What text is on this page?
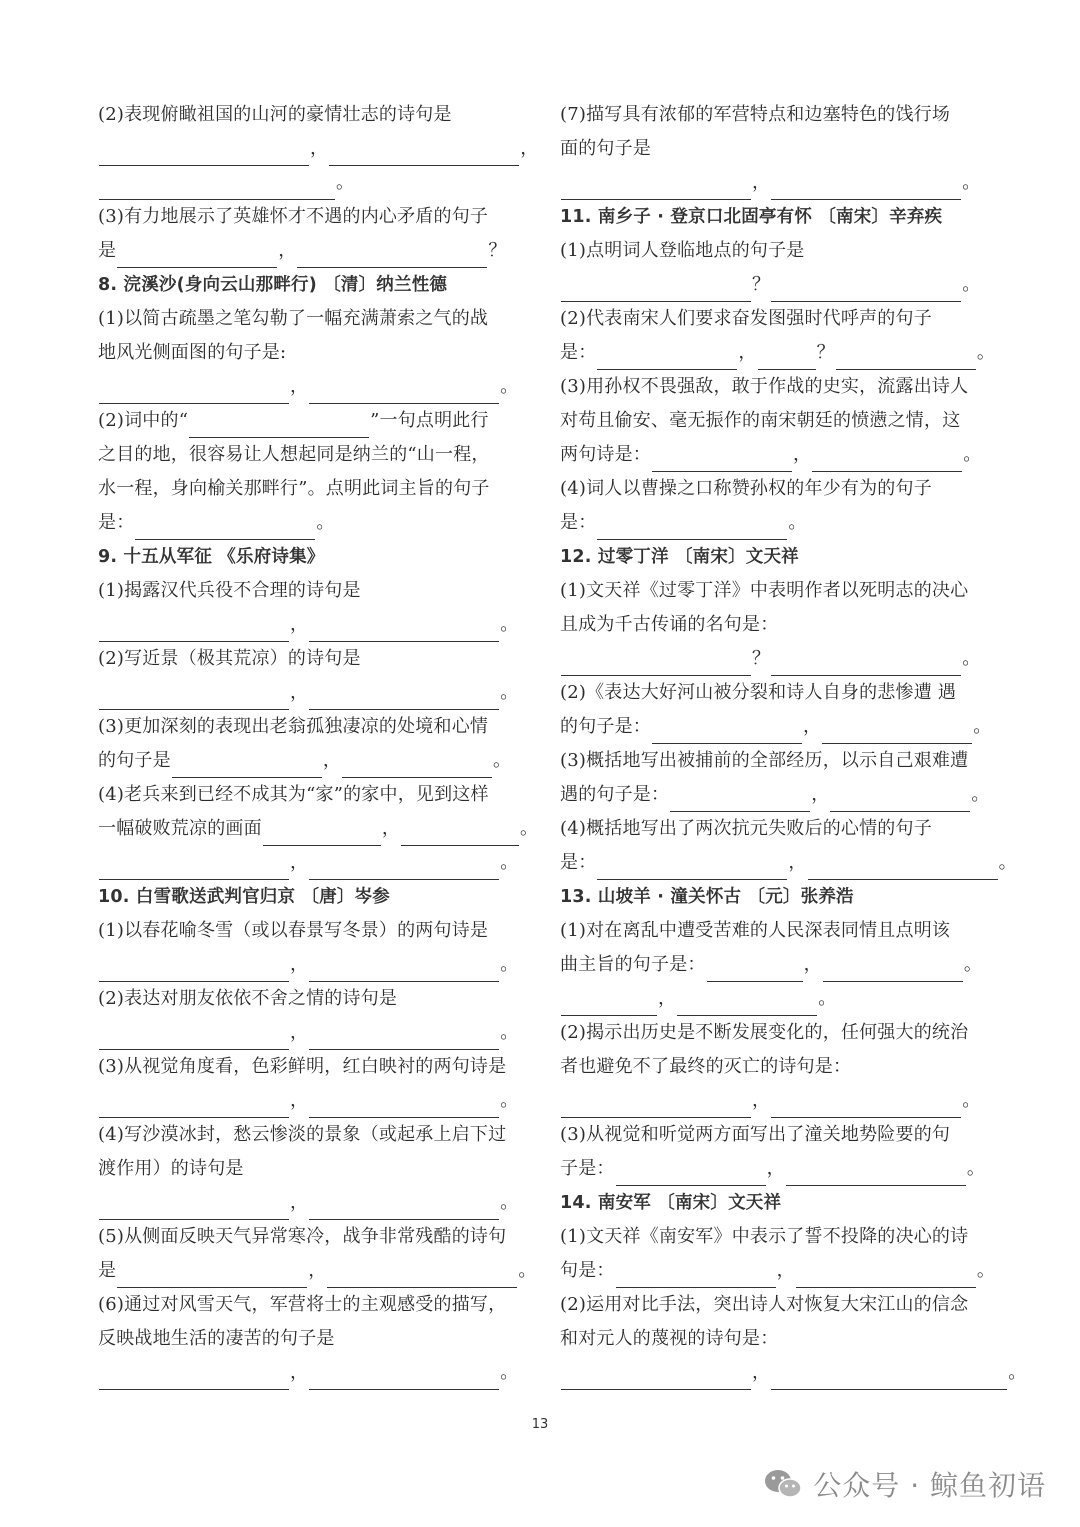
(2)表现俯瞰祖国的山河的豪情壮志的诗句是
，	，
。
(3)有力地展示了英雄怀才不遇的内心矛盾的句子
是	，	？
8. 浣溪沙(身向云山那畔行) 〔清〕纳兰性德
(1)以简古疏墨之笔勾勒了一幅充满萧索之气的战
地风光侧面图的句子是:
，	。
(2)词中的“	”一句点明此行
之目的地，很容易让人想起同是纳兰的“山一程，
水一程，身向榆关那畔行”。点明此词主旨的句子
是：	。
9. 十五从军征 《乐府诗集》
(1)揭露汉代兵役不合理的诗句是
，	。
(2)写近景（极其荒凉）的诗句是
，	。
(3)更加深刻的表现出老翁孤独凄凉的处境和心情
的句子是	，	。
(4)老兵来到已经不成其为“家”的家中，见到这样
一幅破败荒凉的画面	，	。
，	。
10. 白雪歌送武判官归京 〔唐〕岑参
(1)以春花喻冬雪（或以春景写冬景）的两句诗是
，	。
(2)表达对朋友依依不舍之情的诗句是
，	。
(3)从视觉角度看，色彩鲜明，红白映衬的两句诗是
，	。
(4)写沙漠冰封，愁云惨淡的景象（或起承上启下过
渡作用）的诗句是
，	。
(5)从侧面反映天气异常寒冷，战争非常残酷的诗句
是	，	。
(6)通过对风雪天气，军营将士的主观感受的描写，
反映战地生活的凄苦的句子是
，	。
(7)描写具有浓郁的军营特点和边塞特色的饯行场
面的句子是
，	。
11. 南乡子 · 登京口北固亭有怀 〔南宋〕辛弃疾
(1)点明词人登临地点的句子是
？	。
(2)代表南宋人们要求奋发图强时代呼声的句子
是：	，	？	。
(3)用孙权不畏强敌，敢于作战的史实，流露出诗人
对苟且偷安、毫无振作的南宋朝廷的愤懑之情，这
两句诗是：	，	。
(4)词人以曹操之口称赞孙权的年少有为的句子
是：	。
12. 过零丁洋 〔南宋〕文天祥
(1)文天祥《过零丁洋》中表明作者以死明志的决心
且成为千古传诵的名句是：
？	。
(2)《表达大好河山被分裂和诗人自身的悲惨遭 遇
的句子是：	，	。
(3)概括地写出被捕前的全部经历，以示自己艰难遭
遇的句子是：	，	。
(4)概括地写出了两次抗元失败后的心情的句子
是：	，	。
13. 山坡羊 · 潼关怀古 〔元〕张养浩
(1)对在离乱中遭受苦难的人民深表同情且点明该
曲主旨的句子是：	，	。
，	。
(2)揭示出历史是不断发展变化的，任何强大的统治
者也避免不了最终的灭亡的诗句是：
，	。
(3)从视觉和听觉两方面写出了潼关地势险要的句
子是：	，	。
14. 南安军 〔南宋〕文天祥
(1)文天祥《南安军》中表示了誓不投降的决心的诗
句是：	，	。
(2)运用对比手法，突出诗人对恢复大宋江山的信念
和对元人的蔑视的诗句是：
，	。
13
公众号 · 鲸鱼初语
